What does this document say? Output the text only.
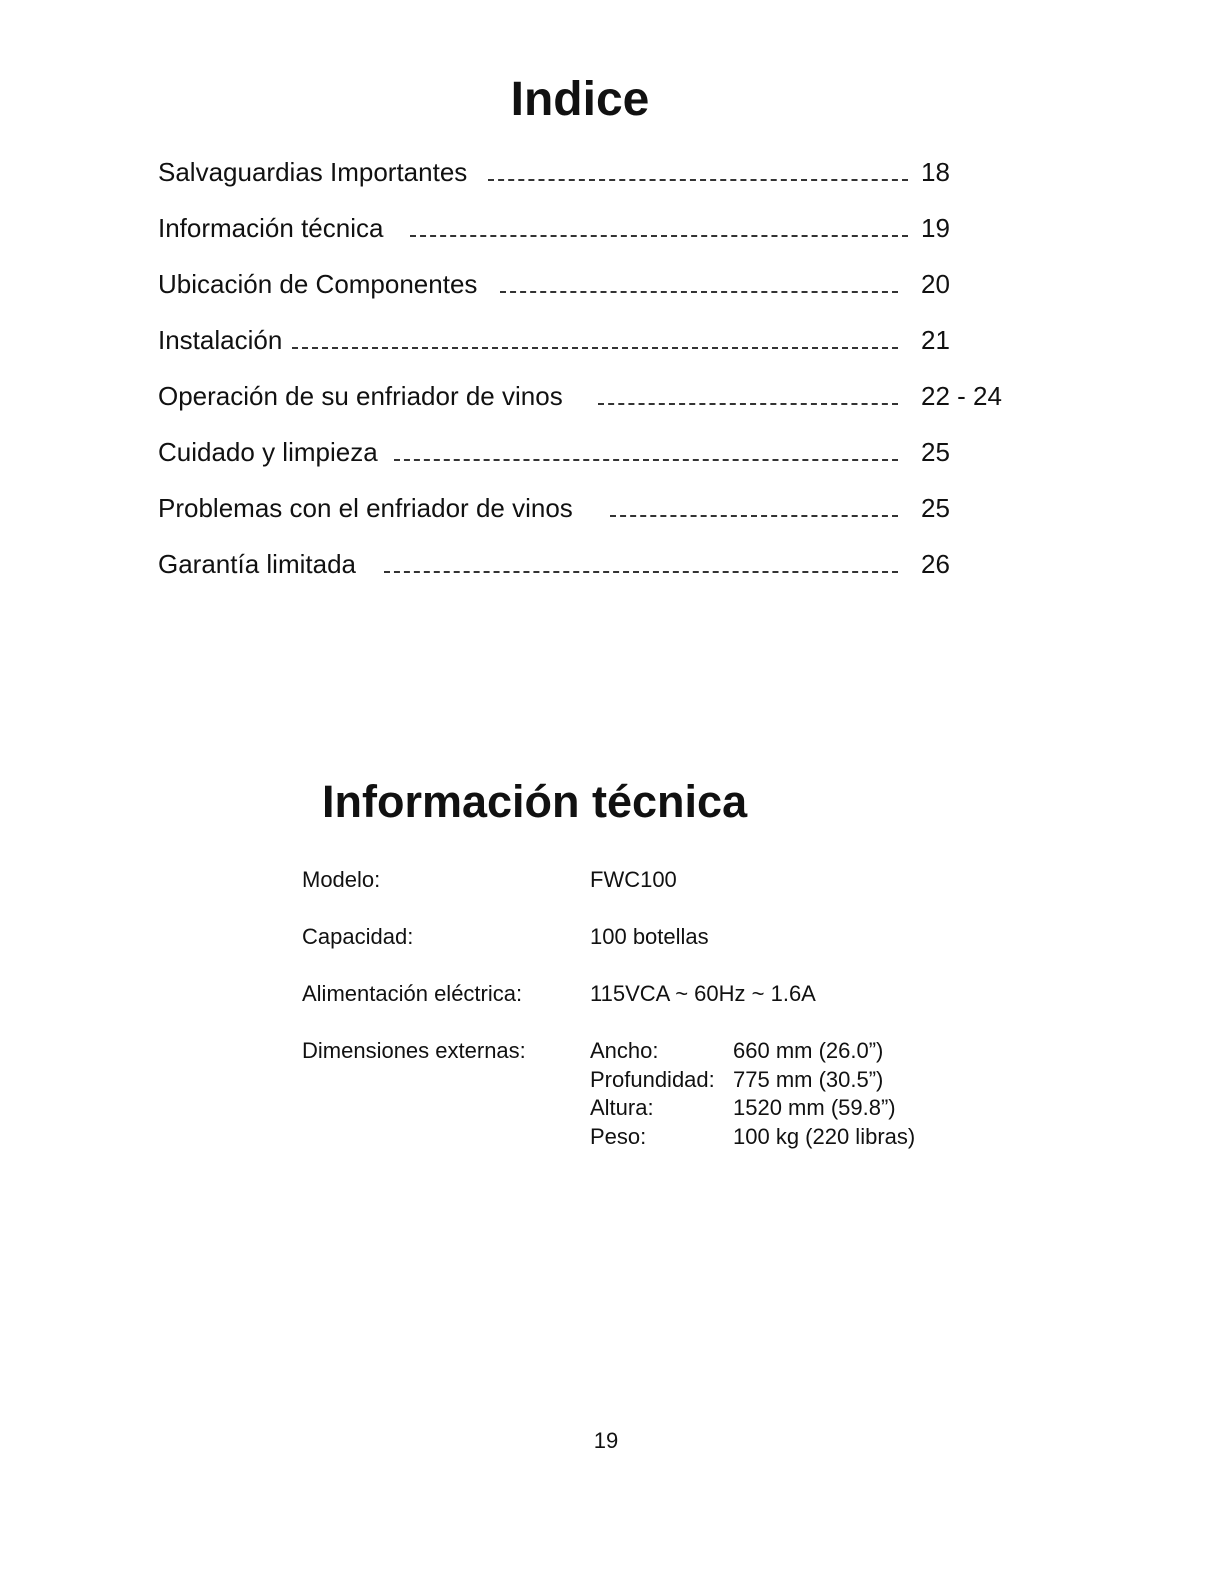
Indice
Salvaguardias Importantes	18
Información técnica	19
Ubicación de Componentes	20
Instalación	21
Operación de su enfriador de vinos	22 - 24
Cuidado y limpieza	25
Problemas con el enfriador de vinos	25
Garantía limitada	26
Información técnica
Modelo:	FWC100
Capacidad:	100 botellas
Alimentación eléctrica:	115VCA ~ 60Hz ~ 1.6A
Dimensiones externas:	Ancho:	660 mm (26.0”)
Profundidad: 775 mm (30.5”)
Altura:	1520 mm (59.8”)
Peso:	100 kg (220 libras)
19
